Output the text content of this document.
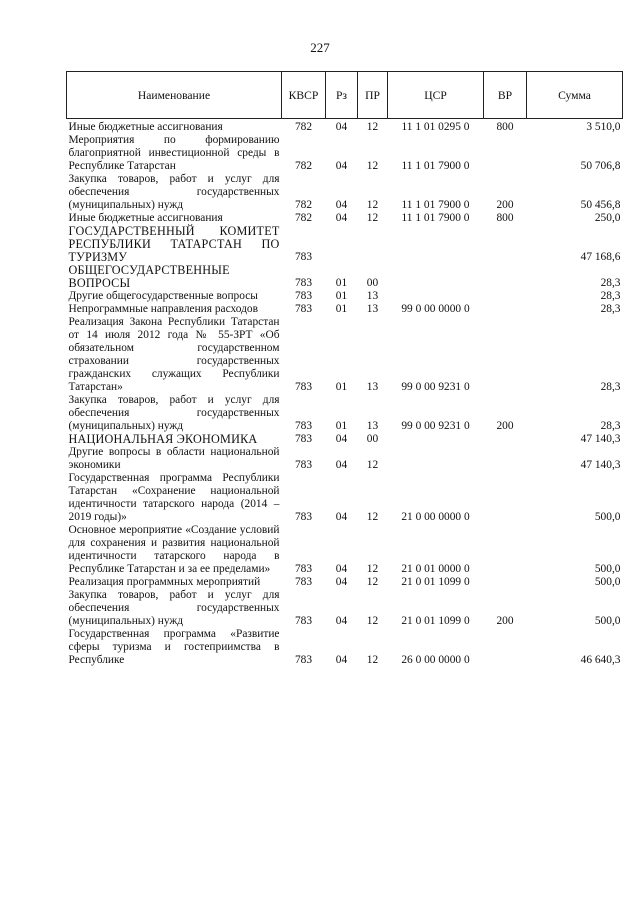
227
Наименование	КВСР	Рз	ПР	ЦСР	ВР	Сумма
Иные бюджетные ассигнования	782	04	12	11 1 01 0295 0	800	3 510,0
Мероприятия по формированию благоприятной инвестиционной среды в Республике Татарстан	782	04	12	11 1 01 7900 0		50 706,8
Закупка товаров, работ и услуг для обеспечения государственных (муниципальных) нужд	782	04	12	11 1 01 7900 0	200	50 456,8
Иные бюджетные ассигнования	782	04	12	11 1 01 7900 0	800	250,0
ГОСУДАРСТВЕННЫЙ КОМИТЕТ РЕСПУБЛИКИ ТАТАРСТАН ПО ТУРИЗМУ	783					47 168,6
ОБЩЕГОСУДАРСТВЕННЫЕ ВОПРОСЫ	783	01	00			28,3
Другие общегосударственные вопросы	783	01	13			28,3
Непрограммные направления расходов	783	01	13	99 0 00 0000 0		28,3
Реализация Закона Республики Татарстан от 14 июля 2012 года № 55-ЗРТ «Об обязательном государственном страховании государственных гражданских служащих Республики Татарстан»	783	01	13	99 0 00 9231 0		28,3
Закупка товаров, работ и услуг для обеспечения государственных (муниципальных) нужд	783	01	13	99 0 00 9231 0	200	28,3
НАЦИОНАЛЬНАЯ ЭКОНОМИКА	783	04	00			47 140,3
Другие вопросы в области национальной экономики	783	04	12			47 140,3
Государственная программа Республики Татарстан «Сохранение национальной идентичности татарского народа (2014 – 2019 годы)»	783	04	12	21 0 00 0000 0		500,0
Основное мероприятие «Создание условий для сохранения и развития национальной идентичности татарского народа в Республике Татарстан и за ее пределами»	783	04	12	21 0 01 0000 0		500,0
Реализация программных мероприятий	783	04	12	21 0 01 1099 0		500,0
Закупка товаров, работ и услуг для обеспечения государственных (муниципальных) нужд	783	04	12	21 0 01 1099 0	200	500,0
Государственная программа «Развитие сферы туризма и гостеприимства в Республике	783	04	12	26 0 00 0000 0		46 640,3
